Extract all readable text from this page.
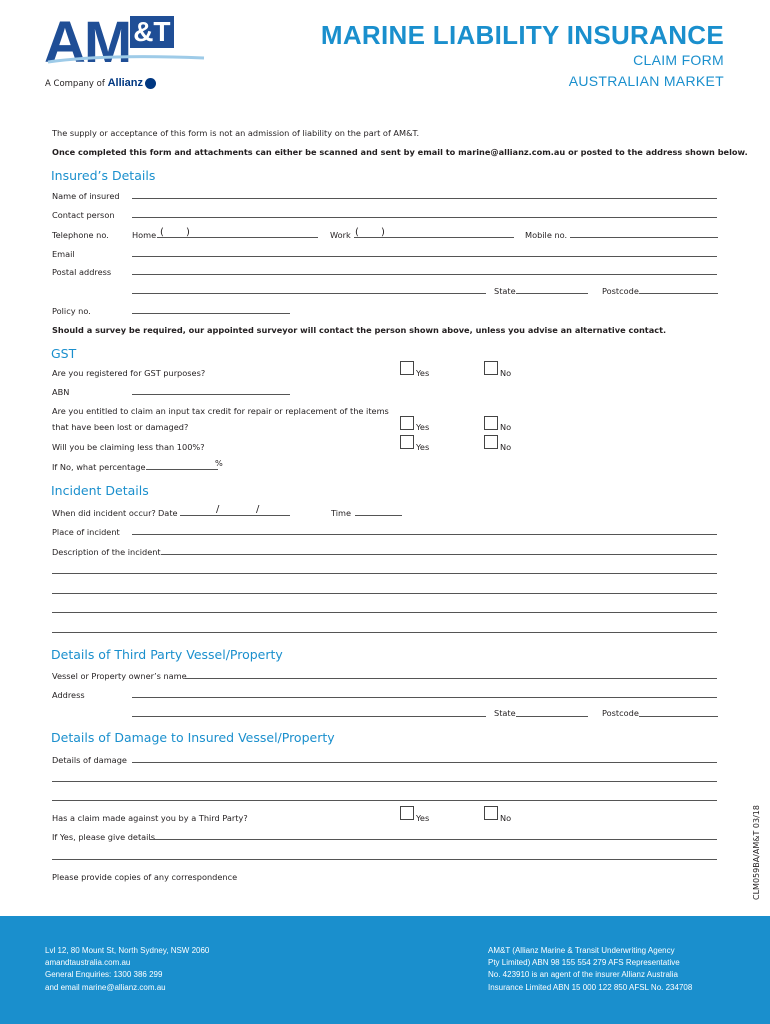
AM &T
A Company of Allianz
MARINE LIABILITY INSURANCE
CLAIM FORM
AUSTRALIAN MARKET
The supply or acceptance of this form is not an admission of liability on the part of AM&T.
Once completed this form and attachments can either be scanned and sent by email to marine@allianz.com.au or posted to the address shown below.
Insured’s Details
Name of insured
Contact person
Telephone no.	Home ( )	Work ( )	Mobile no.
Email
Postal address
State	Postcode
Policy no.
Should a survey be required, our appointed surveyor will contact the person shown above, unless you advise an alternative contact.
GST
Are you registered for GST purposes?	Yes	No
ABN
Are you entitled to claim an input tax credit for repair or replacement of the items
that have been lost or damaged?	Yes	No
Will you be claiming less than 100%?	Yes	No
If No, what percentage	%
Incident Details
When did incident occur? Date	/	/	Time
Place of incident
Description of the incident
Details of Third Party Vessel/Property
Vessel or Property owner’s name
Address
State	Postcode
Details of Damage to Insured Vessel/Property
Details of damage
Has a claim made against you by a Third Party?	Yes	No
If Yes, please give details
Please provide copies of any correspondence	CLM059BA/AM&T 03/18
Lvl 12, 80 Mount St, North Sydney, NSW 2060
amandtaustralia.com.au
General Enquiries: 1300 386 299
and email marine@allianz.com.au
AM&T (Allianz Marine & Transit Underwriting Agency
Pty Limited) ABN 98 155 554 279 AFS Representative
No. 423910 is an agent of the insurer Allianz Australia
Insurance Limited ABN 15 000 122 850 AFSL No. 234708
